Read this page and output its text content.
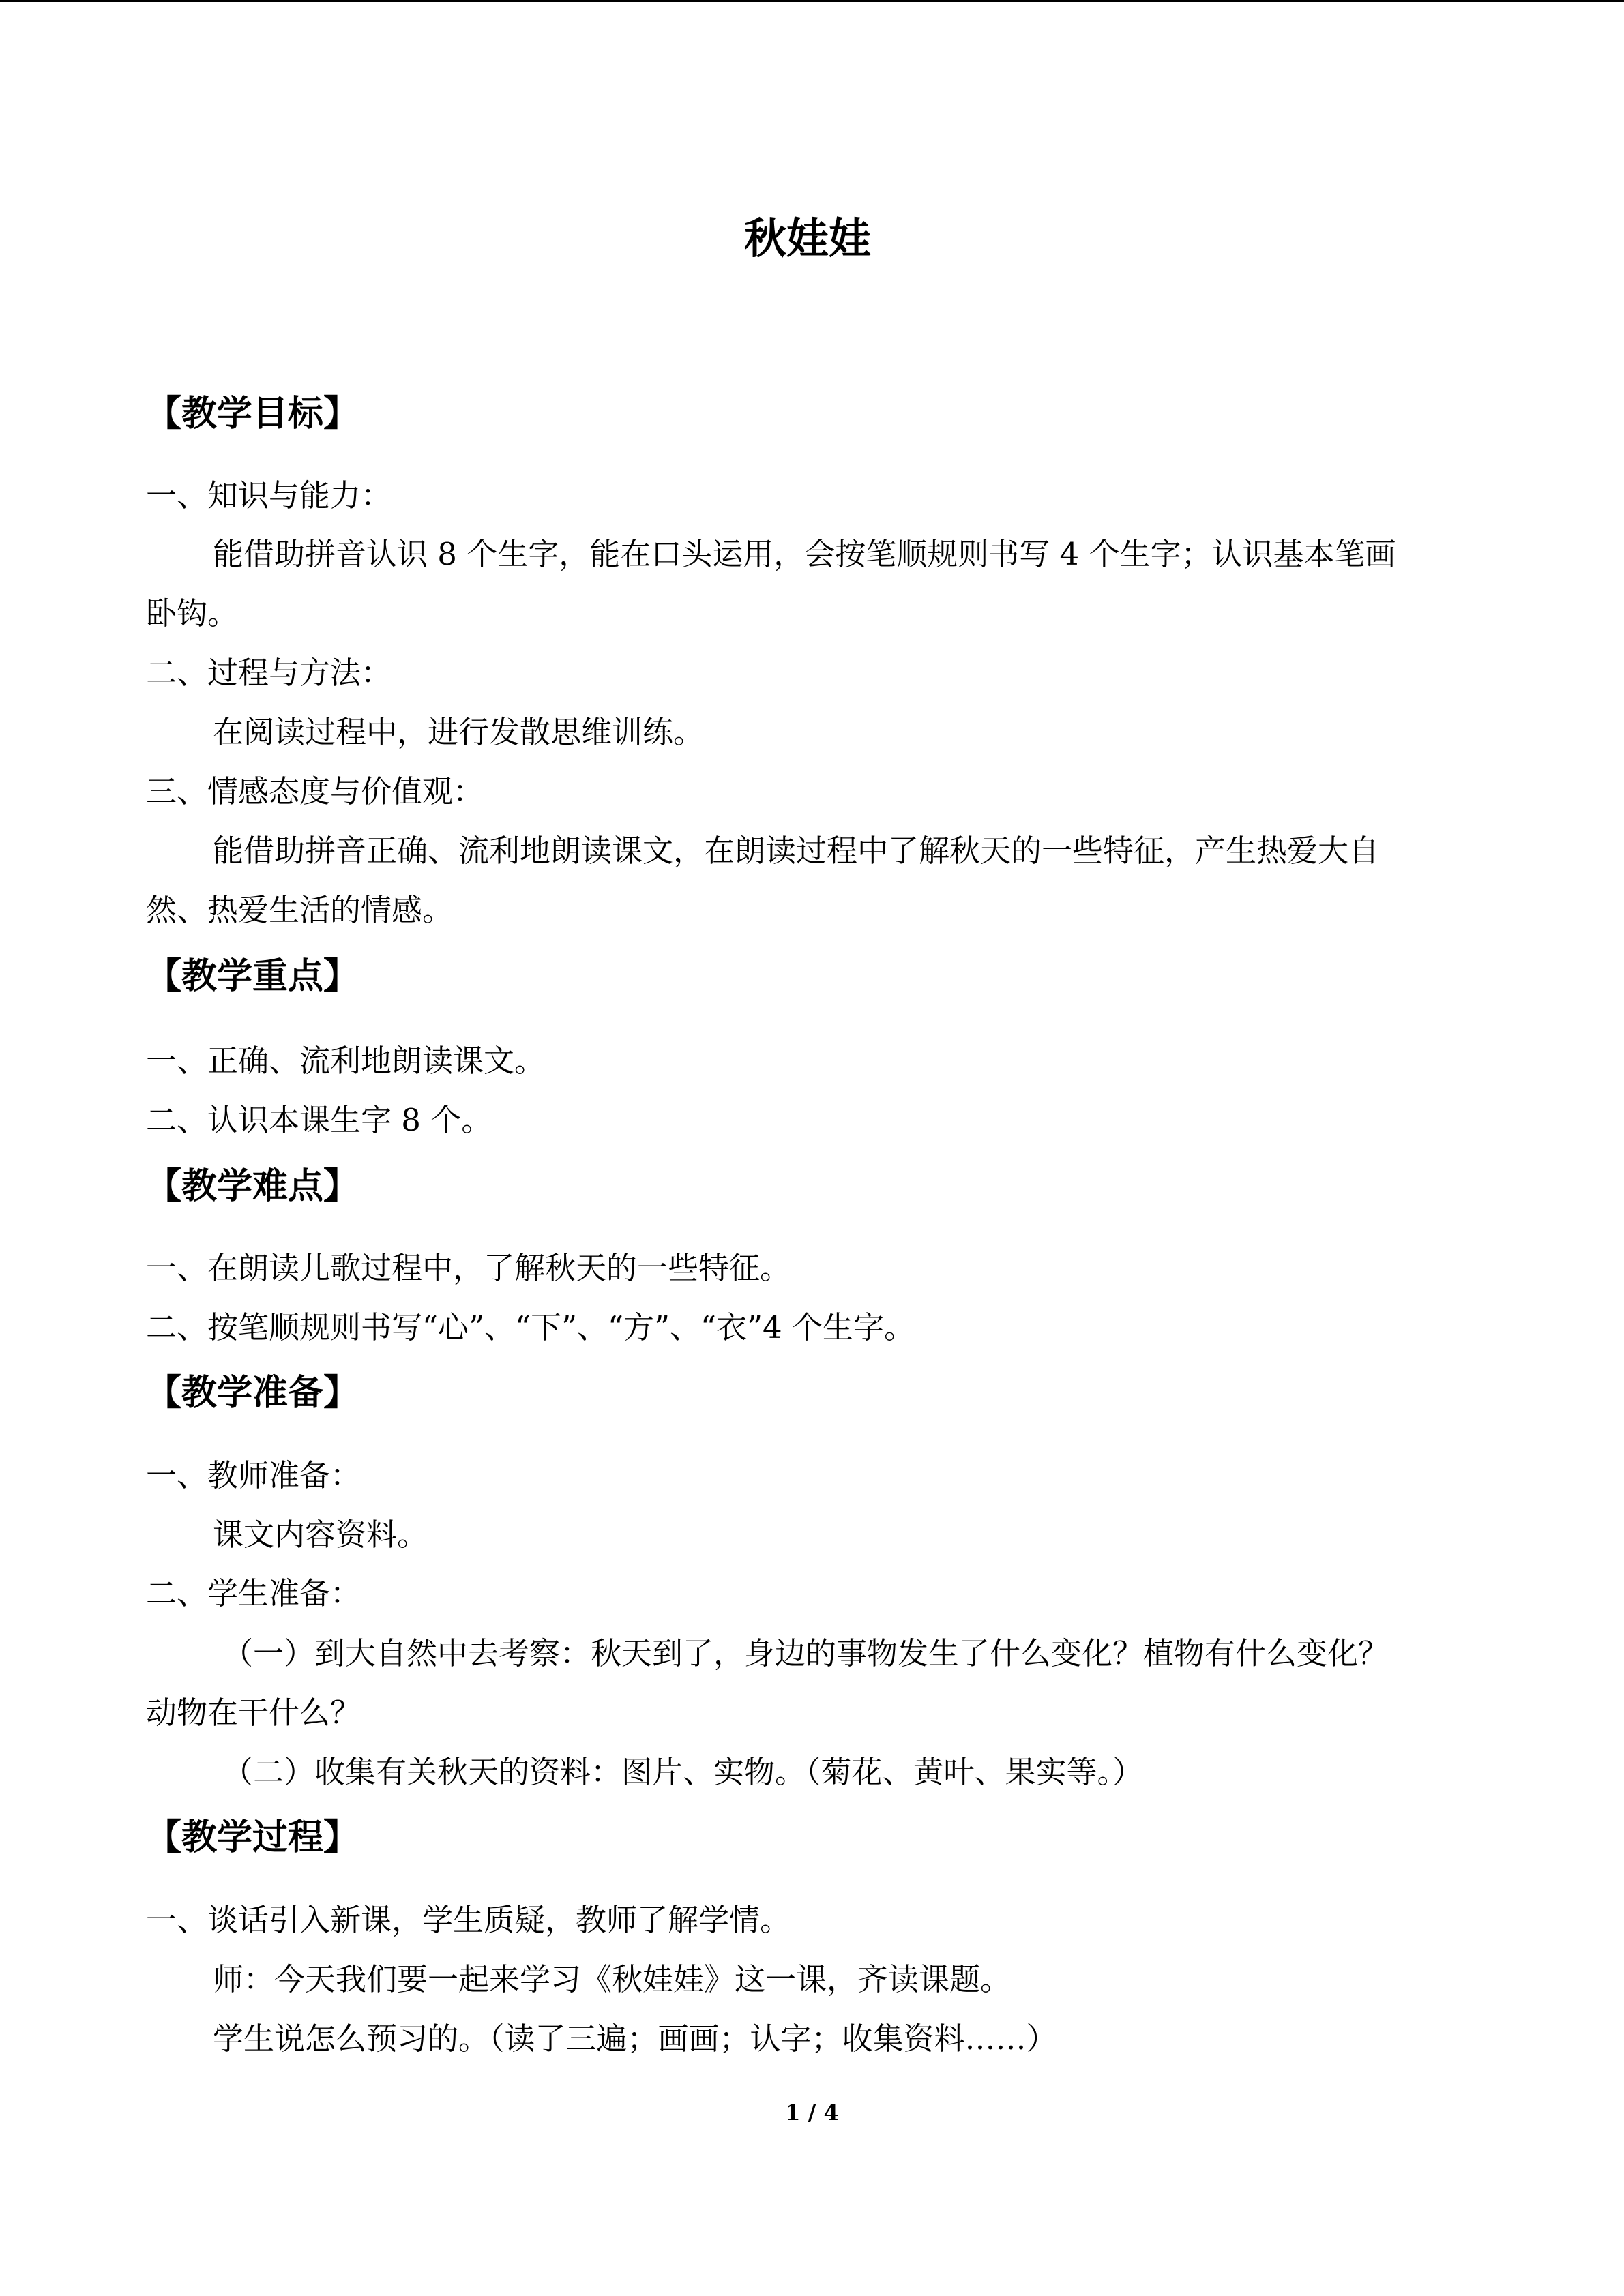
秋娃娃
【教学目标】
一、知识与能力：
能借助拼音认识 8 个生字，能在口头运用，会按笔顺规则书写 4 个生字；认识基本笔画
卧钩。
二、过程与方法：
在阅读过程中，进行发散思维训练。
三、情感态度与价值观：
能借助拼音正确、流利地朗读课文，在朗读过程中了解秋天的一些特征，产生热爱大自
然、热爱生活的情感。
【教学重点】
一、正确、流利地朗读课文。
二、认识本课生字 8 个。
【教学难点】
一、在朗读儿歌过程中，了解秋天的一些特征。
二、按笔顺规则书写“心”、“下”、“方”、“衣”4 个生字。
【教学准备】
一、教师准备：
课文内容资料。
二、学生准备：
（一）到大自然中去考察：秋天到了，身边的事物发生了什么变化？植物有什么变化？
动物在干什么？
（二）收集有关秋天的资料：图片、实物。（菊花、黄叶、果实等。）
【教学过程】
一、谈话引入新课，学生质疑，教师了解学情。
师：今天我们要一起来学习《秋娃娃》这一课，齐读课题。
学生说怎么预习的。（读了三遍；画画；认字；收集资料……）
1 / 4
